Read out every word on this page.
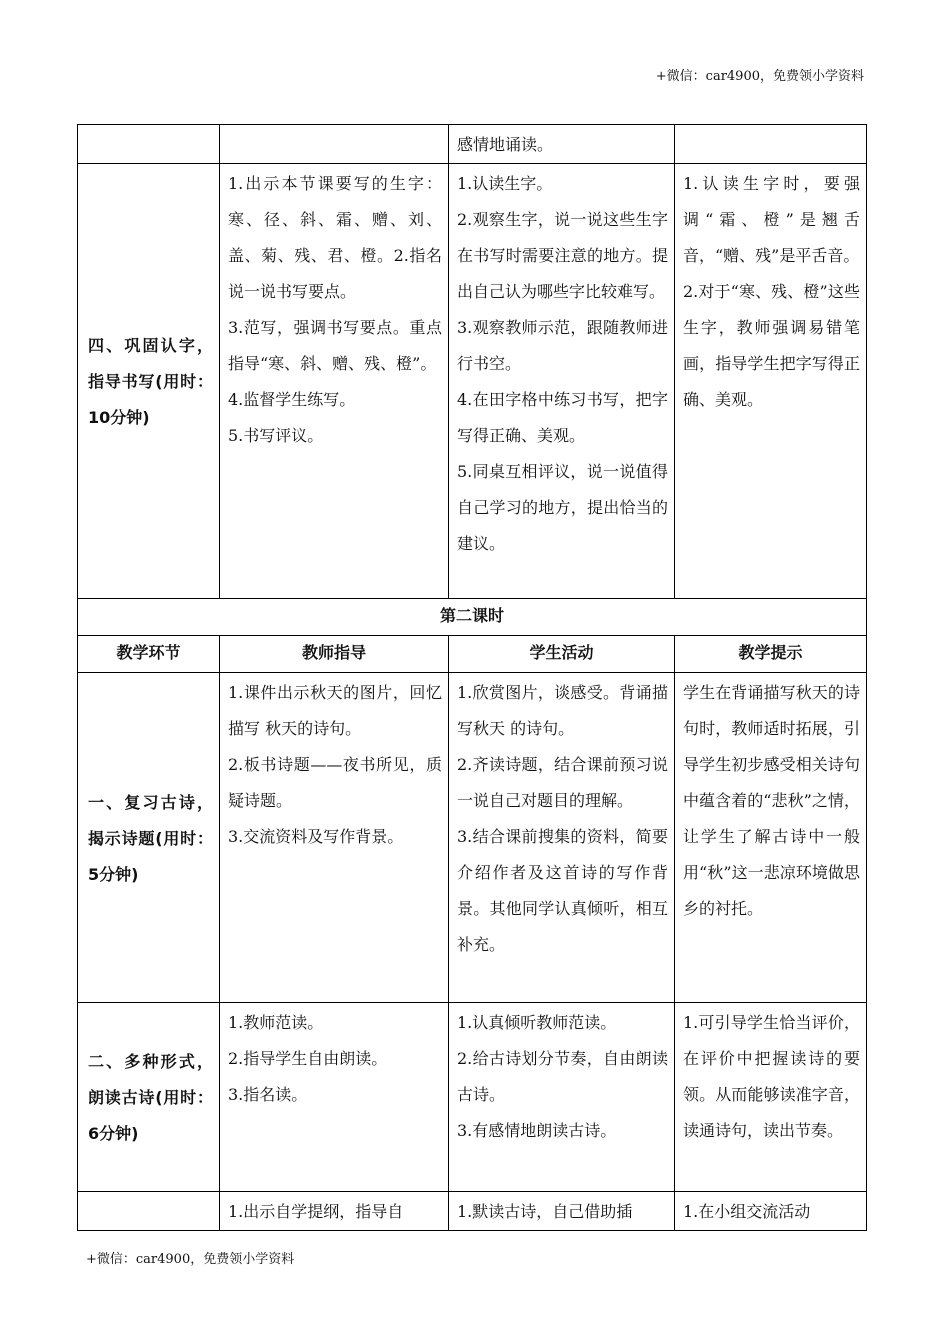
+微信：car4900，免费领小学资料
		感情地诵读。	
四、巩固认字，指导书写(用时：10分钟)	1.出示本节课要写的生字：寒、径、斜、霜、赠、刘、盖、菊、残、君、橙。2.指名说一说书写要点。
3.范写，强调书写要点。重点指导“寒、斜、赠、残、橙”。
4.监督学生练写。
5.书写评议。	1.认读生字。
2.观察生字，说一说这些生字在书写时需要注意的地方。提出自己认为哪些字比较难写。
3.观察教师示范，跟随教师进行书空。
4.在田字格中练习书写，把字写得正确、美观。
5.同桌互相评议，说一说值得自己学习的地方，提出恰当的建议。	1.认读生字时，要强调“霜、橙”是翘舌音，“赠、残”是平舌音。
2.对于“寒、残、橙”这些生字，教师强调易错笔画，指导学生把字写得正确、美观。

第二课时			
教学环节	教师指导	学生活动	教学提示
一、复习古诗，揭示诗题(用时：5分钟)	1.课件出示秋天的图片，回忆描写 秋天的诗句。
2.板书诗题——夜书所见，质疑诗题。
3.交流资料及写作背景。	1.欣赏图片，谈感受。背诵描写秋天 的诗句。
2.齐读诗题，结合课前预习说一说自己对题目的理解。
3.结合课前搜集的资料，简要介绍作者及这首诗的写作背景。其他同学认真倾听，相互补充。	学生在背诵描写秋天的诗句时，教师适时拓展，引导学生初步感受相关诗句中蕴含着的“悲秋”之情，让学生了解古诗中一般用“秋”这一悲凉环境做思乡的衬托。

二、多种形式，朗读古诗(用时：6分钟)	1.教师范读。
2.指导学生自由朗读。
3.指名读。	1.认真倾听教师范读。
2.给古诗划分节奏，自由朗读古诗。
3.有感情地朗读古诗。	1.可引导学生恰当评价，在评价中把握读诗的要领。从而能够读准字音，读通诗句，读出节奏。

	1.出示自学提纲，指导自	1.默读古诗，自己借助插	1.在小组交流活动
+微信：car4900，免费领小学资料
